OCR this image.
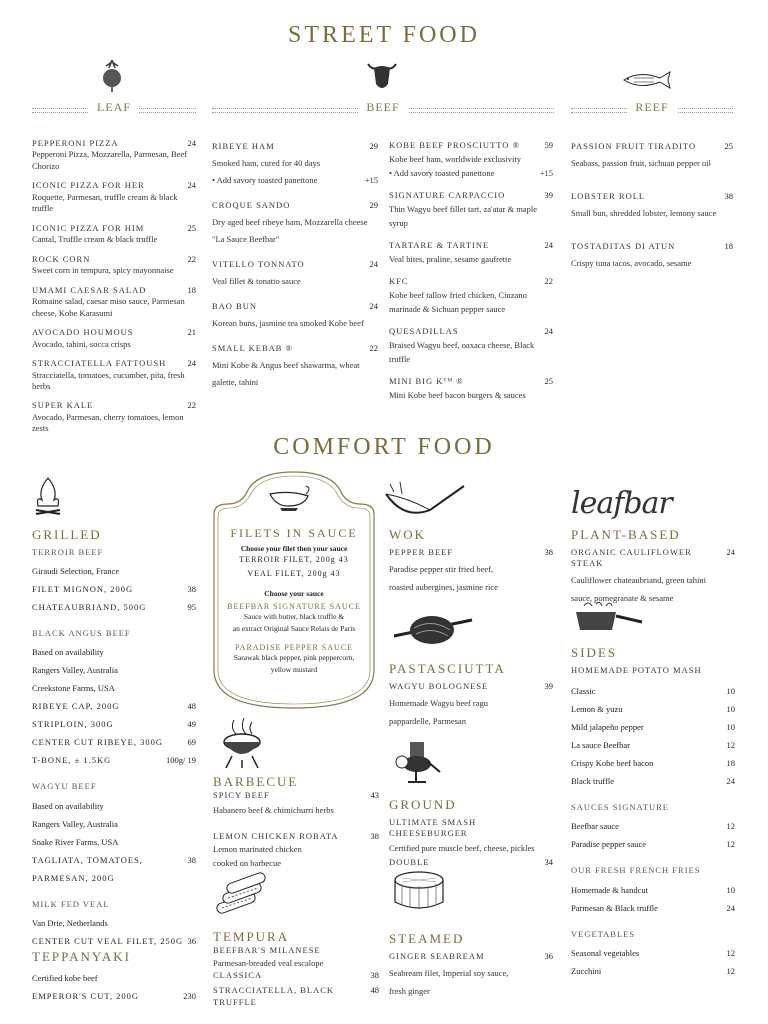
STREET FOOD
LEAF	BEEF	REEF
PEPPERONI PIZZA	24
Pepperoni Pizza, Mozzarella, Parmesan, Beef Chorizo
ICONIC PIZZA FOR HER	24
Roquette, Parmesan, truffle cream & black truffle
ICONIC PIZZA FOR HIM	25
Cantal, Truffle cream & black truffle
ROCK CORN	22
Sweet corn in tempura, spicy mayonnaise
UMAMI CAESAR SALAD	18
Romaine salad, caesar miso sauce, Parmesan cheese, Kobe Karasumi
AVOCADO HOUMOUS	21
Avocado, tahini, socca crisps
STRACCIATELLA FATTOUSH	24
Stracciatella, tomatoes, cucumber, pita, fresh herbs
SUPER KALE	22
Avocado, Parmesan, cherry tomatoes, lemon zests
RIBEYE HAM	29
Smoked ham, cured for 40 days
• Add savory toasted panettone	+15
CROQUE SANDO	29
Dry aged beef ribeye ham, Mozzarella cheese "La Sauce Beefbar"
VITELLO TONNATO	24
Veal fillet & tonatto sauce
BAO BUN	24
Korean buns, jasmine tea smoked Kobe beef
SMALL KEBAB ®	22
Mini Kobe & Angus beef shawarma, wheat galette, tahini
KOBE BEEF PROSCIUTTO ®	59
Kobe beef ham, worldwide exclusivity
• Add savory toasted panettone	+15
SIGNATURE CARPACCIO	39
Thin Wagyu beef fillet tart, za'atar & maple syrup
TARTARE & TARTINE	24
Veal bites, praline, sesame gaufrette
KFC	22
Kobe beef tallow fried chicken, Cinzano marinade & Sichuan pepper sauce
QUESADILLAS	24
Braised Wagyu beef, oaxaca cheese, Black truffle
MINI BIG Kᵀᴹ ®	25
Mini Kobe beef bacon burgers & sauces
PASSION FRUIT TIRADITO	25
Seabass, passion fruit, sichuan pepper oil
LOBSTER ROLL	38
Small bun, shredded lobster, lemony sauce
TOSTADITAS DI ATUN	18
Crispy tuna tacos, avocado, sesame
COMFORT FOOD
GRILLED
TERROIR BEEF
Giraudi Selection, France
FILET MIGNON, 200G	38
CHATEAUBRIAND, 500G	95
BLACK ANGUS BEEF
Based on availability
Rangers Valley, Australia
Creekstone Farms, USA
RIBEYE CAP, 200G	48
STRIPLOIN, 300G	49
CENTER CUT RIBEYE, 300G	69
T-BONE, ± 1.5KG	100g/ 19
WAGYU BEEF
Based on availability
Rangers Valley, Australia
Snake River Farms, USA
TAGLIATA, TOMATOES, PARMESAN, 200G
38
MILK FED VEAL
Van Drie, Netherlands
CENTER CUT VEAL FILET, 250G 36
TEPPANYAKI
Certified kobe beef
EMPEROR'S CUT, 200G	230
FILETS IN SAUCE
Choose your filet then your sauce
TERROIR FILET, 200g 43
VEAL FILET, 200g 43
Choose your sauce
BEEFBAR SIGNATURE SAUCE
Sauce with butter, black truffle &
an extract Original Sauce Relais de Paris
PARADISE PEPPER SAUCE
Sarawak black pepper, pink peppercorn,
yellow mustard
BARBECUE
SPICY BEEF	43
Habanero beef & chimichurri herbs
LEMON CHICKEN ROBATA	38
Lemon marinated chicken
cooked on barbecue
TEMPURA
BEEFBAR'S MILANESE
Parmesan-breaded veal escalope
CLASSICA	38
STRACCIATELLA, BLACK TRUFFLE
48
WOK
PEPPER BEEF	38
Paradise pepper stir fried beef,
roasted aubergines, jasmine rice
PASTASCIUTTA
WAGYU BOLOGNESE	39
Homemade Wagyu beef ragu
pappardelle, Parmesan
GROUND
ULTIMATE SMASH CHEESEBURGER
Certified pure muscle beef, cheese, pickles
DOUBLE	34
STEAMED
GINGER SEABREAM	36
Seabream filet, Imperial soy sauce,
fresh ginger
leafbar
PLANT-BASED
ORGANIC CAULIFLOWER STEAK
24
Cauliflower chateaubriand, green tahini
sauce, pomegranate & sesame
SIDES
HOMEMADE POTATO MASH
Classic	10
Lemon & yuzu	10
Mild jalapeño pepper	10
La sauce Beefbar	12
Crispy Kobe beef bacon	18
Black truffle	24
SAUCES SIGNATURE
Beefbar sauce	12
Paradise pepper sauce	12
OUR FRESH FRENCH FRIES
Homemade & handcut	10
Parmesan & Black truffle	24
VEGETABLES
Seasonal vegetables	12
Zucchini	12
